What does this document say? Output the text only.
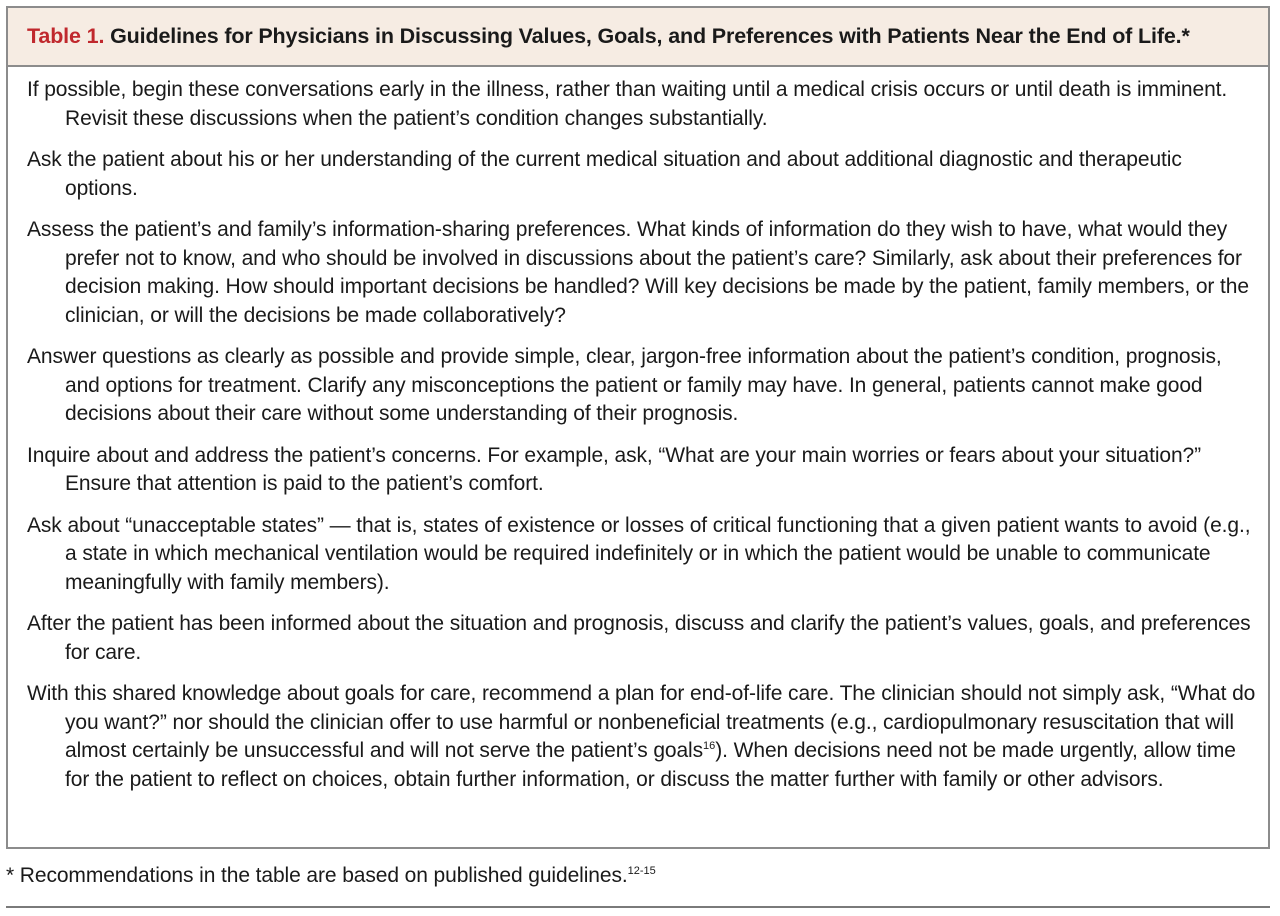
Table 1.
Guidelines for Physicians in Discussing Values, Goals, and Preferences with Patients Near the End of Life.*
If possible, begin these conversations early in the illness, rather than waiting until a medical crisis occurs or until death is imminent. Revisit these discussions when the patient’s condition changes substantially.
Ask the patient about his or her understanding of the current medical situation and about additional diagnostic and therapeutic options.
Assess the patient’s and family’s information-sharing preferences. What kinds of information do they wish to have, what would they prefer not to know, and who should be involved in discussions about the patient’s care? Similarly, ask about their preferences for decision making. How should important decisions be handled? Will key decisions be made by the patient, family members, or the clinician, or will the decisions be made collaboratively?
Answer questions as clearly as possible and provide simple, clear, jargon-free information about the patient’s condition, prognosis, and options for treatment. Clarify any misconceptions the patient or family may have. In general, patients cannot make good decisions about their care without some understanding of their prognosis.
Inquire about and address the patient’s concerns. For example, ask, “What are your main worries or fears about your situation?” Ensure that attention is paid to the patient’s comfort.
Ask about “unacceptable states” — that is, states of existence or losses of critical functioning that a given patient wants to avoid (e.g., a state in which mechanical ventilation would be required indefinitely or in which the patient would be unable to communicate meaningfully with family members).
After the patient has been informed about the situation and prognosis, discuss and clarify the patient’s values, goals, and preferences for care.
With this shared knowledge about goals for care, recommend a plan for end-of-life care. The clinician should not simply ask, “What do you want?” nor should the clinician offer to use harmful or nonbeneficial treatments (e.g., cardiopulmonary resuscitation that will almost certainly be unsuccessful and will not serve the patient’s goals$^{16}$). When decisions need not be made urgently, allow time for the patient to reflect on choices, obtain further information, or discuss the matter further with family or other advisors.
* Recommendations in the table are based on published guidelines.$^{12-15}$
